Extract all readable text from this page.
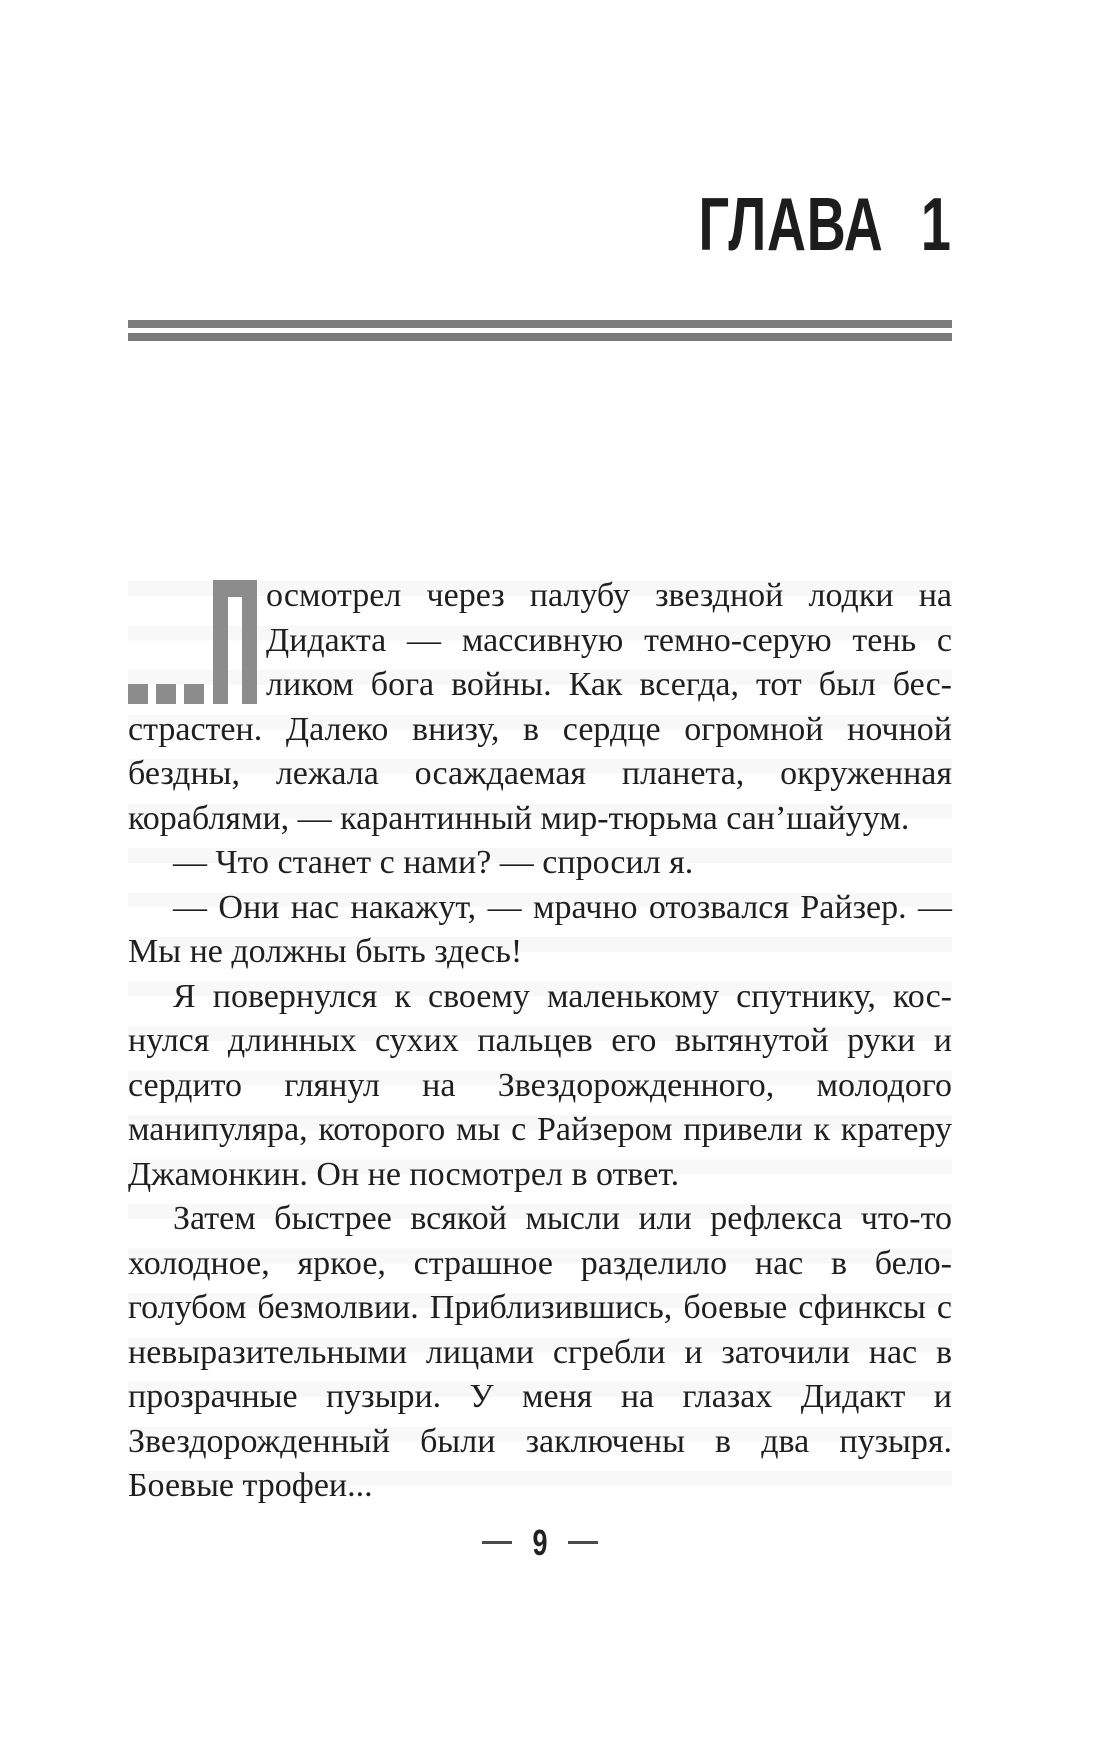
ГЛАВА 1

осмотрел через палубу звездной лодки на Дидакта — массивную темно-серую тень с ликом бога войны. Как всегда, тот был бесстрастен. Далеко внизу, в сердце огромной ночной бездны, лежала осаждаемая планета, окруженная кораблями, — карантинный мир-тюрьма сан’шайуум.

— Что станет с нами? — спросил я.

— Они нас накажут, — мрачно отозвался Райзер. — Мы не должны быть здесь!

Я повернулся к своему маленькому спутнику, коснулся длинных сухих пальцев его вытянутой руки и сердито глянул на Звездорожденного, молодого манипуляра, которого мы с Райзером привели к кратеру Джамонкин. Он не посмотрел в ответ.

Затем быстрее всякой мысли или рефлекса что-то холодное, яркое, страшное разделило нас в бело-голубом безмолвии. Приблизившись, боевые сфинксы с невыразительными лицами сгребли и заточили нас в прозрачные пузыри. У меня на глазах Дидакт и Звездорожденный были заключены в два пузыря. Боевые трофеи...

9
